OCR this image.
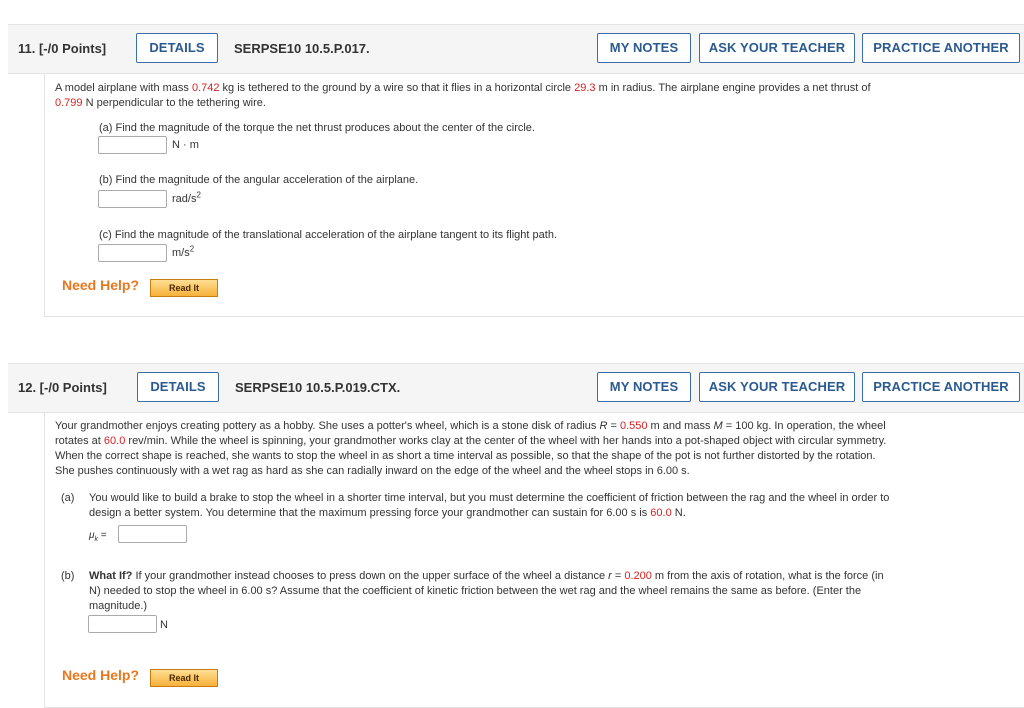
11. [-/0 Points]	DETAILS	SERPSE10 10.5.P.017.	MY NOTES	ASK YOUR TEACHER	PRACTICE ANOTHER
A model airplane with mass 0.742 kg is tethered to the ground by a wire so that it flies in a horizontal circle 29.3 m in radius. The airplane engine provides a net thrust of
0.799 N perpendicular to the tethering wire.
(a) Find the magnitude of the torque the net thrust produces about the center of the circle.
N · m
(b) Find the magnitude of the angular acceleration of the airplane.
rad/$s^2$
(c) Find the magnitude of the translational acceleration of the airplane tangent to its flight path.
$m/s^2$
Need Help?	Read It
12. [-/0 Points]	DETAILS	SERPSE10 10.5.P.019.CTX.	MY NOTES	ASK YOUR TEACHER	PRACTICE ANOTHER
Your grandmother enjoys creating pottery as a hobby. She uses a potter's wheel, which is a stone disk of radius R = 0.550 m and mass M = 100 kg. In operation, the wheel
rotates at 60.0 rev/min. While the wheel is spinning, your grandmother works clay at the center of the wheel with her hands into a pot-shaped object with circular symmetry.
When the correct shape is reached, she wants to stop the wheel in as short a time interval as possible, so that the shape of the pot is not further distorted by the rotation.
She pushes continuously with a wet rag as hard as she can radially inward on the edge of the wheel and the wheel stops in 6.00 s.
(a) You would like to build a brake to stop the wheel in a shorter time interval, but you must determine the coefficient of friction between the rag and the wheel in order to
design a better system. You determine that the maximum pressing force your grandmother can sustain for 6.00 s is 60.0 N.
$\mu_k$ =
(b) What If? If your grandmother instead chooses to press down on the upper surface of the wheel a distance r = 0.200 m from the axis of rotation, what is the force (in
N) needed to stop the wheel in 6.00 s? Assume that the coefficient of kinetic friction between the wet rag and the wheel remains the same as before. (Enter the
magnitude.)
N
Need Help?	Read It
